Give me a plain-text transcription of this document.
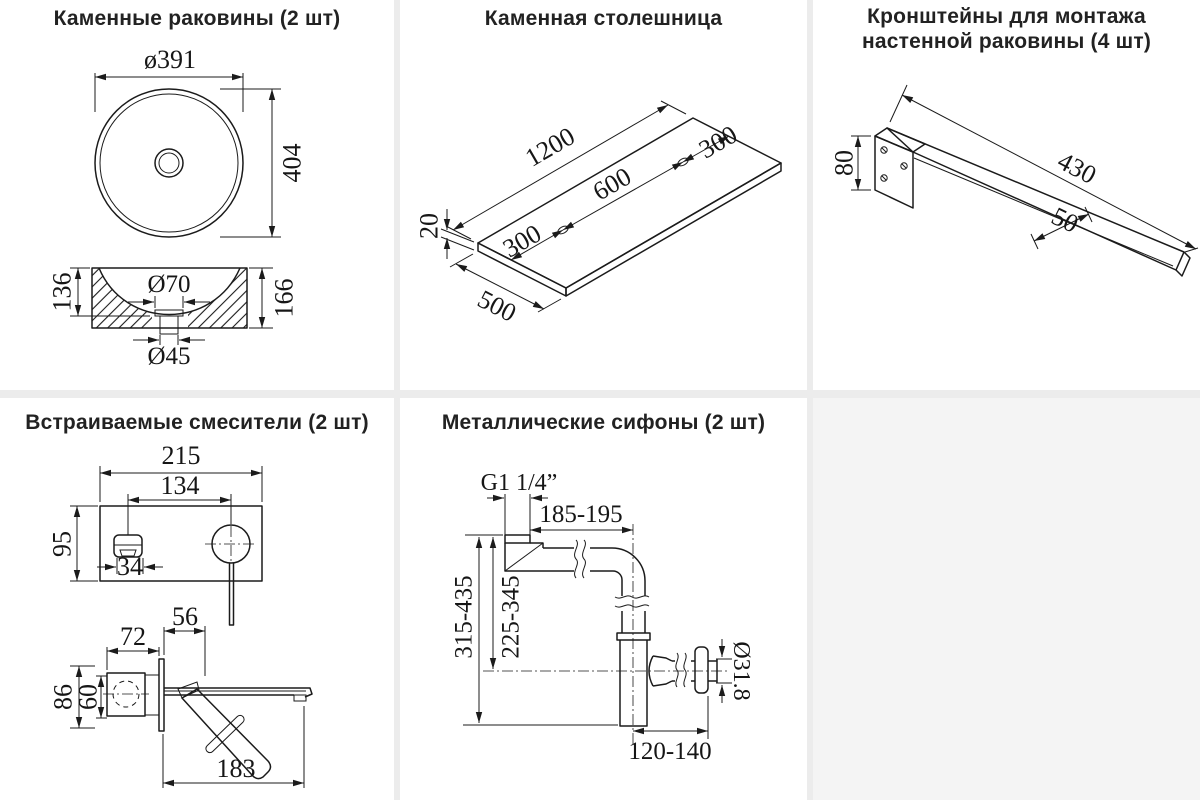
Каменные раковины (2 шт)
ø391
404
Ø70
Ø45
136	166
Каменная столешница
300
600
300
1200
20
500
Кронштейны для монтажа
настенной раковины (4 шт)
80	430
50
Встраиваемые смесители (2 шт)
215
134
95
34
72
56
86
60
183
Металлические сифоны (2 шт)
G1 1/4”
185-195
315-435 225-345
Ø31.8
120-140
